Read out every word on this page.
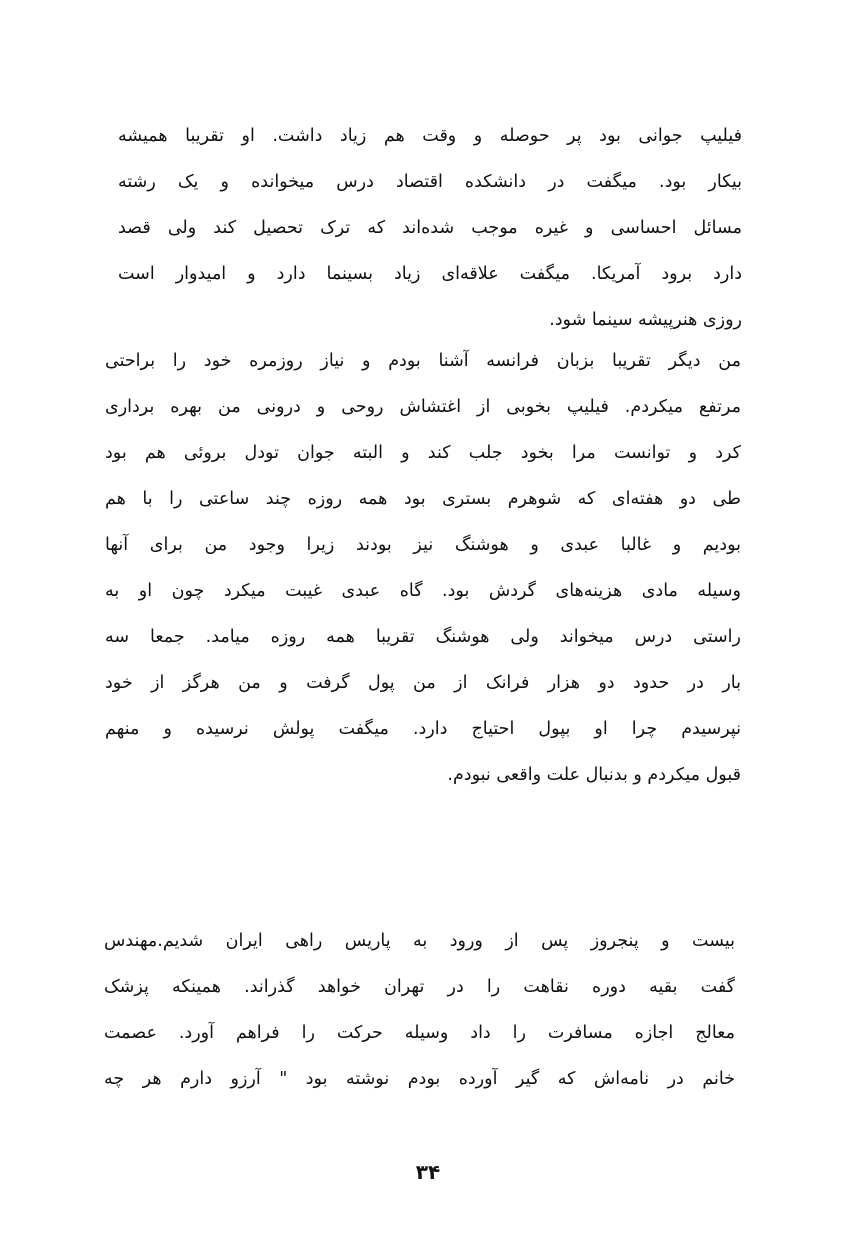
فیلیپ جوانی بود پر حوصله و وقت هم زیاد داشت. او تقریبا همیشه
بیکار بود. میگفت در دانشکده اقتصاد درس میخوانده و یک رشته
مسائل احساسی و غیره موجب شده‌اند که ترک تحصیل کند ولی قصد
دارد برود آمریکا. میگفت علاقه‌ای زیاد بسینما دارد و امیدوار است
روزی هنرپیشه سینما شود.
من دیگر تقریبا بزبان فرانسه آشنا بودم و نیاز روزمره خود را براحتی
مرتفع میکردم. فیلیپ بخوبی از اغتشاش روحی و درونی من بهره برداری
کرد و توانست مرا بخود جلب کند و البته جوان تودل بروئی هم بود
طی دو هفته‌ای که شوهرم بستری بود همه روزه چند ساعتی را با هم
بودیم و غالبا عبدی و هوشنگ نیز بودند زیرا وجود من برای آنها
وسیله مادی هزینه‌های گردش بود. گاه عبدی غیبت میکرد چون او به
راستی درس میخواند ولی هوشنگ تقریبا همه روزه میامد. جمعا سه
بار در حدود دو هزار فرانک از من پول گرفت و من هرگز از خود
نپرسیدم چرا او بپول احتیاج دارد. میگفت پولش نرسیده و منهم
قبول میکردم و بدنبال علت واقعی نبودم.
بیست و پنجروز پس از ورود به پاریس راهی ایران شدیم.مهندس
گفت بقیه دوره نقاهت را در تهران خواهد گذراند. همینکه پزشک
معالج اجازه مسافرت را داد وسیله حرکت را فراهم آورد. عصمت
خانم در نامه‌اش که گیر آورده بودم نوشته بود " آرزو دارم هر چه
۳۴
